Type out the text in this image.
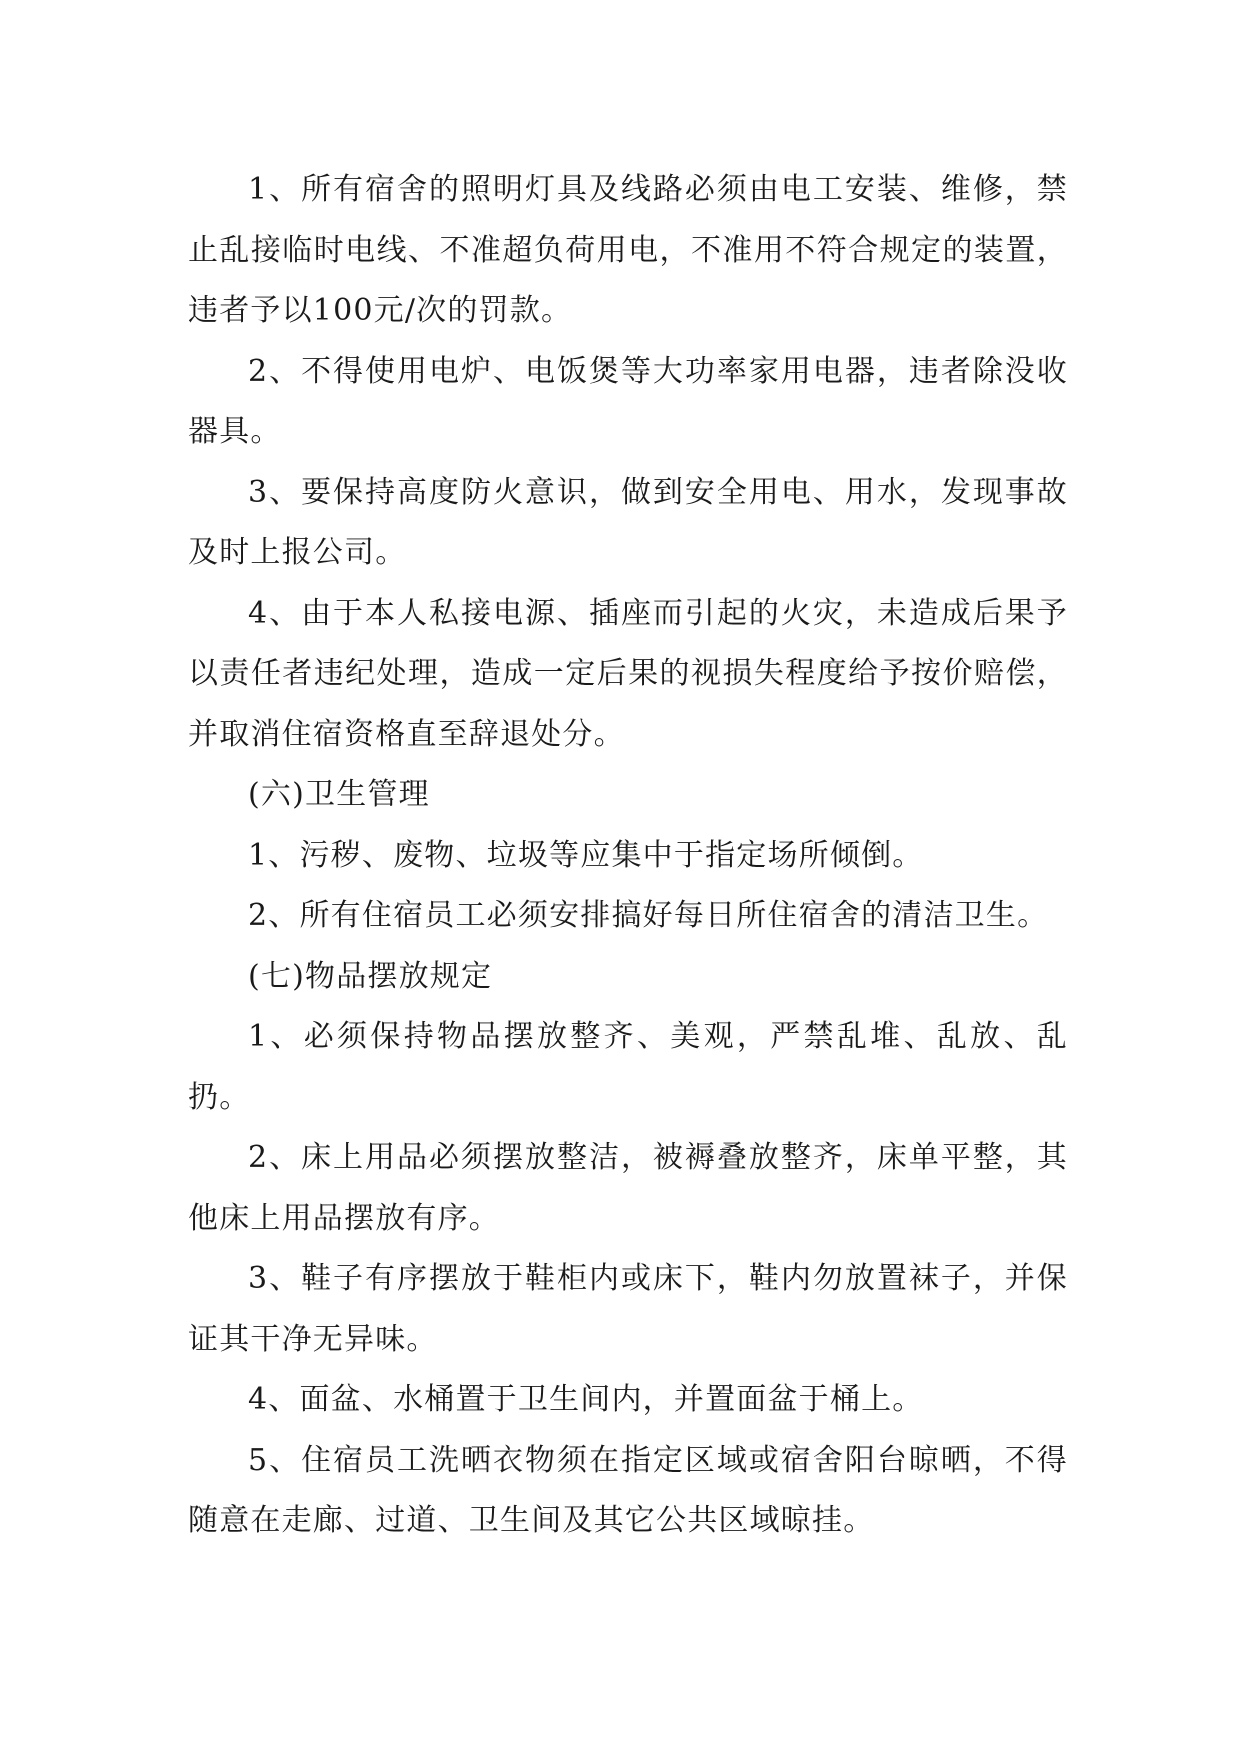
1、所有宿舍的照明灯具及线路必须由电工安装、维修，禁止乱接临时电线、不准超负荷用电，不准用不符合规定的装置，违者予以100元/次的罚款。

2、不得使用电炉、电饭煲等大功率家用电器，违者除没收器具。

3、要保持高度防火意识，做到安全用电、用水，发现事故及时上报公司。

4、由于本人私接电源、插座而引起的火灾，未造成后果予以责任者违纪处理，造成一定后果的视损失程度给予按价赔偿，并取消住宿资格直至辞退处分。

(六)卫生管理

1、污秽、废物、垃圾等应集中于指定场所倾倒。

2、所有住宿员工必须安排搞好每日所住宿舍的清洁卫生。

(七)物品摆放规定

1、必须保持物品摆放整齐、美观，严禁乱堆、乱放、乱扔。

2、床上用品必须摆放整洁，被褥叠放整齐，床单平整，其他床上用品摆放有序。

3、鞋子有序摆放于鞋柜内或床下，鞋内勿放置袜子，并保证其干净无异味。

4、面盆、水桶置于卫生间内，并置面盆于桶上。

5、住宿员工洗晒衣物须在指定区域或宿舍阳台晾晒，不得随意在走廊、过道、卫生间及其它公共区域晾挂。
